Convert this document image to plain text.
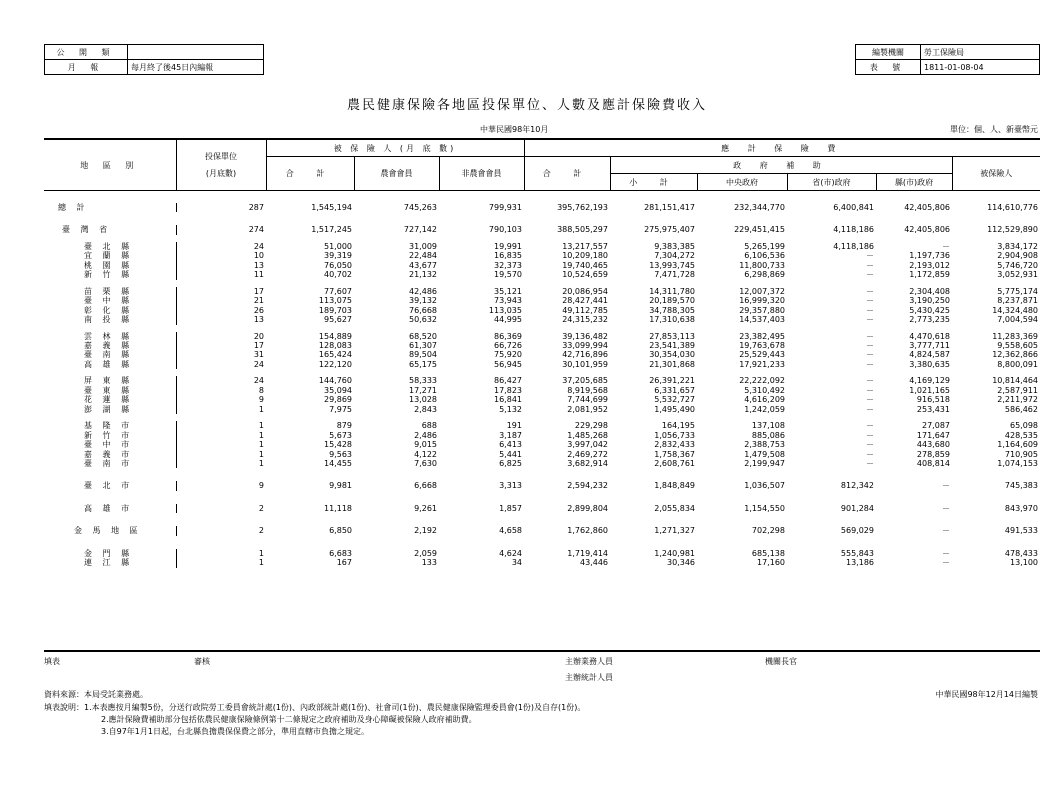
公 開 類	
月 報	每月終了後45日內編報
編製機關	勞工保險局
表 號	1811-01-08-04
農民健康保險各地區投保單位、人數及應計保險費收入
中華民國98年10月	單位：個、人、新臺幣元
地 區 別	投保單位
(月底數)	被 保 險 人 (月 底 數)			應 計 保 險 費					
		合 計	農會會員	非農會會員	合 計	政 府 補 助				被保險人
						小 計	中央政府	省(市)政府	縣(市)政府	
總 計	287	1,545,194	745,263	799,931	395,762,193	281,151,417	232,344,770	6,400,841	42,405,806	114,610,776

臺 灣 省	274	1,517,245	727,142	790,103	388,505,297	275,975,407	229,451,415	4,118,186	42,405,806	112,529,890

臺 北 縣	24	51,000	31,009	19,991	13,217,557	9,383,385	5,265,199	4,118,186	－	3,834,172
宜 蘭 縣	10	39,319	22,484	16,835	10,209,180	7,304,272	6,106,536	－	1,197,736	2,904,908
桃 園 縣	13	76,050	43,677	32,373	19,740,465	13,993,745	11,800,733	－	2,193,012	5,746,720
新 竹 縣	11	40,702	21,132	19,570	10,524,659	7,471,728	6,298,869	－	1,172,859	3,052,931

苗 栗 縣	17	77,607	42,486	35,121	20,086,954	14,311,780	12,007,372	－	2,304,408	5,775,174
臺 中 縣	21	113,075	39,132	73,943	28,427,441	20,189,570	16,999,320	－	3,190,250	8,237,871
彰 化 縣	26	189,703	76,668	113,035	49,112,785	34,788,305	29,357,880	－	5,430,425	14,324,480
南 投 縣	13	95,627	50,632	44,995	24,315,232	17,310,638	14,537,403	－	2,773,235	7,004,594

雲 林 縣	20	154,889	68,520	86,369	39,136,482	27,853,113	23,382,495	－	4,470,618	11,283,369
嘉 義 縣	17	128,083	61,307	66,726	33,099,994	23,541,389	19,763,678	－	3,777,711	9,558,605
臺 南 縣	31	165,424	89,504	75,920	42,716,896	30,354,030	25,529,443	－	4,824,587	12,362,866
高 雄 縣	24	122,120	65,175	56,945	30,101,959	21,301,868	17,921,233	－	3,380,635	8,800,091

屏 東 縣	24	144,760	58,333	86,427	37,205,685	26,391,221	22,222,092	－	4,169,129	10,814,464
臺 東 縣	8	35,094	17,271	17,823	8,919,568	6,331,657	5,310,492	－	1,021,165	2,587,911
花 蓮 縣	9	29,869	13,028	16,841	7,744,699	5,532,727	4,616,209	－	916,518	2,211,972
澎 湖 縣	1	7,975	2,843	5,132	2,081,952	1,495,490	1,242,059	－	253,431	586,462

基 隆 市	1	879	688	191	229,298	164,195	137,108	－	27,087	65,098
新 竹 市	1	5,673	2,486	3,187	1,485,268	1,056,733	885,086	－	171,647	428,535
臺 中 市	1	15,428	9,015	6,413	3,997,042	2,832,433	2,388,753	－	443,680	1,164,609
嘉 義 市	1	9,563	4,122	5,441	2,469,272	1,758,367	1,479,508	－	278,859	710,905
臺 南 市	1	14,455	7,630	6,825	3,682,914	2,608,761	2,199,947	－	408,814	1,074,153

臺 北 市	9	9,981	6,668	3,313	2,594,232	1,848,849	1,036,507	812,342	－	745,383

高 雄 市	2	11,118	9,261	1,857	2,899,804	2,055,834	1,154,550	901,284	－	843,970

金 馬 地 區	2	6,850	2,192	4,658	1,762,860	1,271,327	702,298	569,029	－	491,533

金 門 縣	1	6,683	2,059	4,624	1,719,414	1,240,981	685,138	555,843	－	478,433
連 江 縣	1	167	133	34	43,446	30,346	17,160	13,186	－	13,100
填表	審核	主辦業務人員	機關長官
主辦統計人員
資料來源：本局受託業務處。	中華民國98年12月14日編製
填表說明：1.本表應按月編製5份，分送行政院勞工委員會統計處(1份)、內政部統計處(1份)、社會司(1份)、農民健康保險監理委員會(1份)及自存(1份)。
2.應計保險費補助部分包括依農民健康保險條例第十二條規定之政府補助及身心障礙被保險人政府補助費。
3.自97年1月1日起，台北縣負擔農保保費之部分，準用直轄市負擔之規定。
